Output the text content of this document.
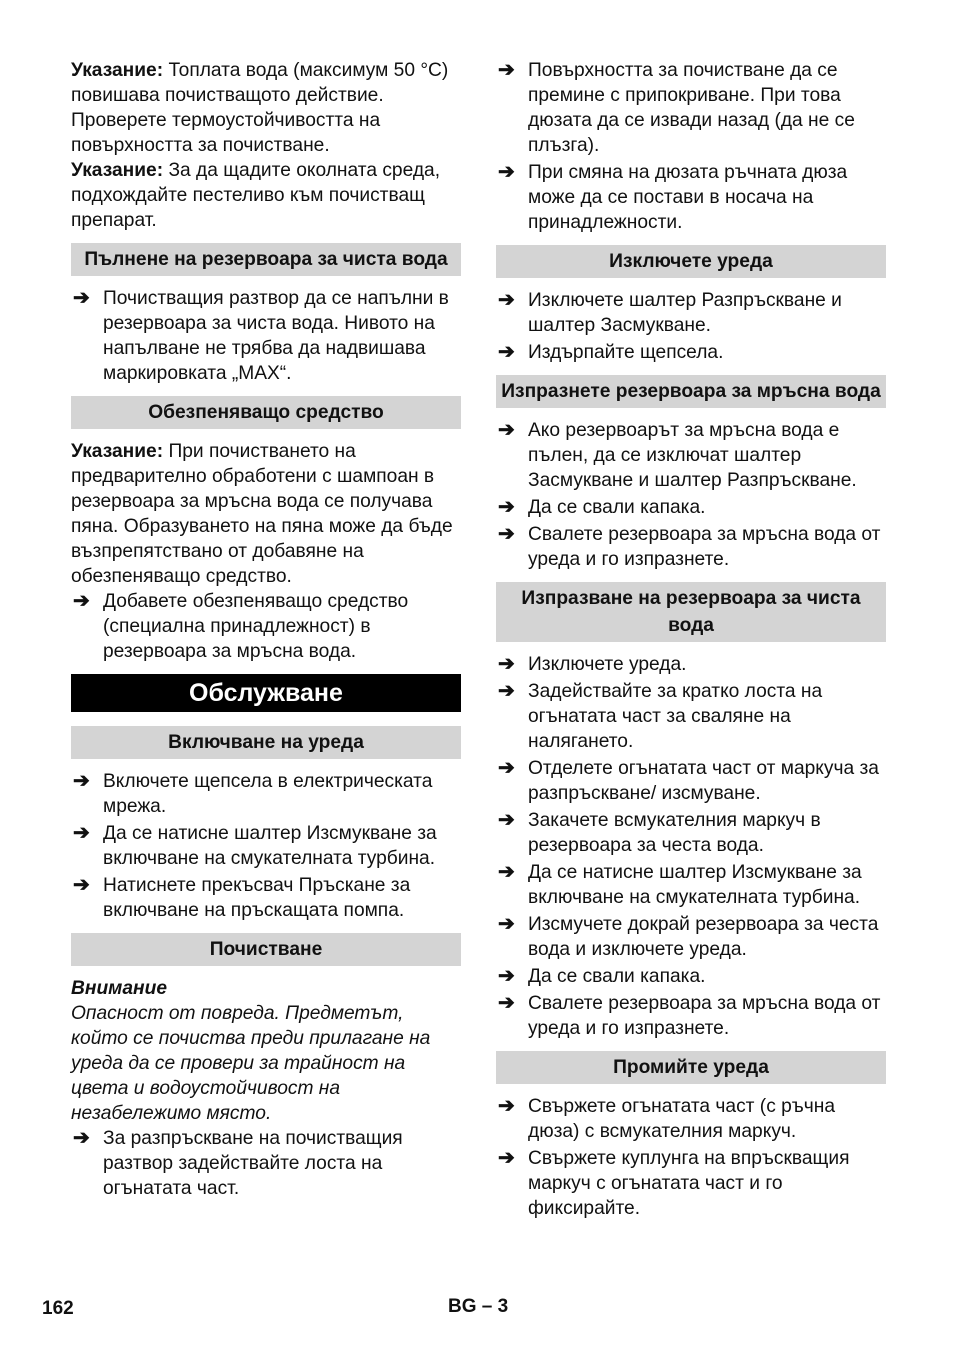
Указание: Топлата вода (максимум 50 °C) повишава почистващото действие. Проверете термоустойчивостта на повърхността за почистване.

Указание: За да щадите околната среда, подхождайте пестеливо към почистващ препарат.

Пълнене на резервоара за чиста вода
➔ Почистващия разтвор да се напълни в резервоара за чиста вода. Нивото на напълване не трябва да надвишава маркировката „MAX“.
Обезпеняващо средство

Указание: При почистването на предварително обработени с шампоан в резервоара за мръсна вода се получава пяна. Образуването на пяна може да бъде възпрепятствано от добавяне на обезпеняващо средство.

➔ Добавете обезпеняващо средство (специална принадлежност) в резервоара за мръсна вода.
Обслужване
Включване на уреда
➔ Включете щепсела в електрическата мрежа.
➔ Да се натисне шалтер Изсмукване за включване на смукателната турбина.
➔ Натиснете прекъсвач Пръскане за включване на пръскащата помпа.
Почистване

Внимание

Опасност от повреда. Предметът, който се почиства преди прилагане на уреда да се провери за трайност на цвета и водоустойчивост на незабележимо място.

➔ За разпръскване на почистващия разтвор задействайте лоста на огънатата част.
➔ Повърхността за почистване да се премине с припокриване. При това дюзата да се извади назад (да не се плъзга).
➔ При смяна на дюзата ръчната дюза може да се постави в носача на принадлежности.
Изключете уреда
➔ Изключете шалтер Разпръскване и шалтер Засмукване.
➔ Издърпайте щепсела.
Изпразнете резервоара за мръсна вода
➔ Ако резервоарът за мръсна вода е пълен, да се изключат шалтер Засмукване и шалтер Разпръскване.
➔ Да се свали капака.
➔ Свалете резервоара за мръсна вода от уреда и го изпразнете.
Изпразване на резервоара за чиста вода
➔ Изключете уреда.
➔ Задействайте за кратко лоста на огънатата част за сваляне на налягането.
➔ Отделете огънатата част от маркуча за разпръскване/ изсмуване.
➔ Закачете всмукателния маркуч в резервоара за честа вода.
➔ Да се натисне шалтер Изсмукване за включване на смукателната турбина.
➔ Изсмучете докрай резервоара за честа вода и изключете уреда.
➔ Да се свали капака.
➔ Свалете резервоара за мръсна вода от уреда и го изпразнете.
Промийте уреда
➔ Свържете огънатата част (с ръчна дюза) с всмукателния маркуч.
➔ Свържете куплунга на впръскващия маркуч с огънатата част и го фиксирайте.
162	BG – 3
